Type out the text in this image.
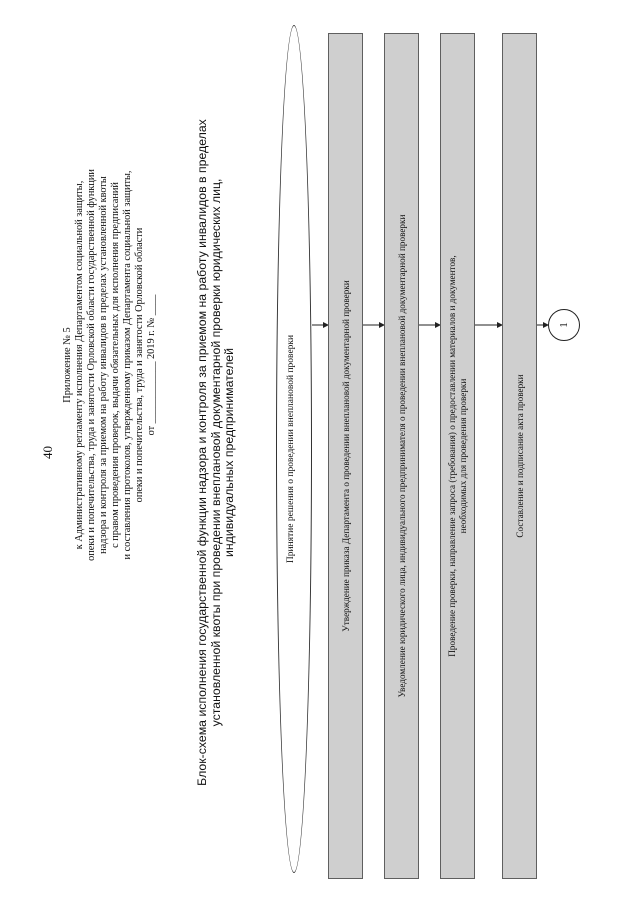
40
Приложение № 5 к Административному регламенту исполнения Департаментом социальной защиты, опеки и попечительства, труда и занятости Орловской области государственной функции надзора и контроля за приемом на работу инвалидов в пределах установленной квоты с правом проведения проверок, выдачи обязательных для исполнения предписаний и составления протоколов, утвержденному приказом Департамента социальной защиты, опеки и попечительства, труда и занятости Орловской области от ____________ 2019 г. № ____	Блок-схема исполнения государственной функции надзора и контроля за приемом на работу инвалидов в пределах установленной квоты при проведении внеплановой документарной проверки юридических лиц, индивидуальных предпринимателей	Принятие решения о проведении внеплановой проверки	Утверждение приказа Департамента о проведении внеплановой документарной проверки	Уведомление юридического лица, индивидуального предпринимателя о проведении внеплановой документарной проверки	Проведение проверки, направление запроса (требования) о предоставлении материалов и документов, необходимых для проведения проверки	Составление и подписание акта проверки
1
